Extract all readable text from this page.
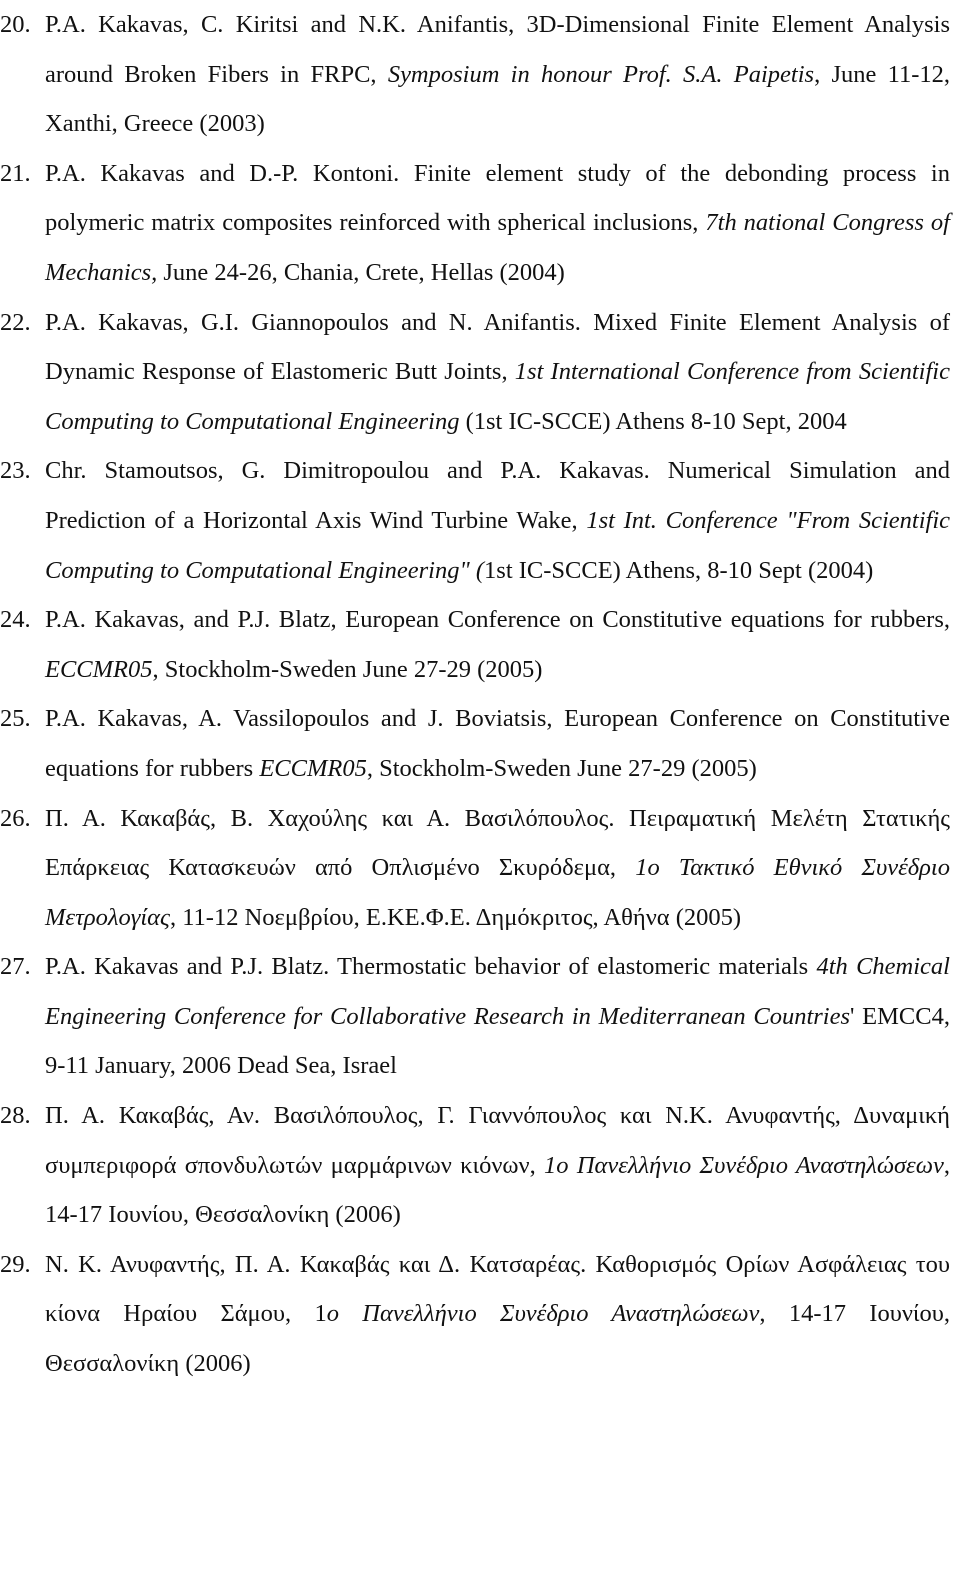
20. P.A. Kakavas, C. Kiritsi and N.K. Anifantis, 3D-Dimensional Finite Element Analysis around Broken Fibers in FRPC, Symposium in honour Prof. S.A. Paipetis, June 11-12, Xanthi, Greece (2003)
21. P.A. Kakavas and D.-P. Kontoni. Finite element study of the debonding process in polymeric matrix composites reinforced with spherical inclusions, 7th national Congress of Mechanics, June 24-26, Chania, Crete, Hellas (2004)
22. P.A. Kakavas, G.I. Giannopoulos and N. Anifantis. Mixed Finite Element Analysis of Dynamic Response of Elastomeric Butt Joints, 1st International Conference from Scientific Computing to Computational Engineering (1st IC-SCCE) Athens 8-10 Sept, 2004
23. Chr. Stamoutsos, G. Dimitropoulou and P.A. Kakavas. Numerical Simulation and Prediction of a Horizontal Axis Wind Turbine Wake, 1st Int. Conference "From Scientific Computing to Computational Engineering" (1st IC-SCCE) Athens, 8-10 Sept (2004)
24. P.A. Kakavas, and P.J. Blatz, European Conference on Constitutive equations for rubbers, ECCMR05, Stockholm-Sweden June 27-29 (2005)
25. P.A. Kakavas, A. Vassilopoulos and J. Boviatsis, European Conference on Constitutive equations for rubbers ECCMR05, Stockholm-Sweden June 27-29 (2005)
26. Π. Α. Κακαβάς, Β. Χαχούλης και Α. Βασιλόπουλος. Πειραματική Μελέτη Στατικής Επάρκειας Κατασκευών από Οπλισμένο Σκυρόδεμα, 1ο Τακτικό Εθνικό Συνέδριο Μετρολογίας, 11-12 Νοεμβρίου, Ε.ΚΕ.Φ.Ε. Δημόκριτος, Αθήνα (2005)
27. P.A. Kakavas and P.J. Blatz. Thermostatic behavior of elastomeric materials 4th Chemical Engineering Conference for Collaborative Research in Mediterranean Countries' EMCC4, 9-11 January, 2006 Dead Sea, Israel
28. Π. Α. Κακαβάς, Αν. Βασιλόπουλος, Γ. Γιαννόπουλος και Ν.Κ. Ανυφαντής, Δυναμική συμπεριφορά σπονδυλωτών μαρμάρινων κιόνων, 1ο Πανελλήνιο Συνέδριο Αναστηλώσεων, 14-17 Ιουνίου, Θεσσαλονίκη (2006)
29. Ν. Κ. Ανυφαντής, Π. Α. Κακαβάς και Δ. Κατσαρέας. Καθορισμός Ορίων Ασφάλειας του κίονα Ηραίου Σάμου, 1ο Πανελλήνιο Συνέδριο Αναστηλώσεων, 14-17 Ιουνίου, Θεσσαλονίκη (2006)
